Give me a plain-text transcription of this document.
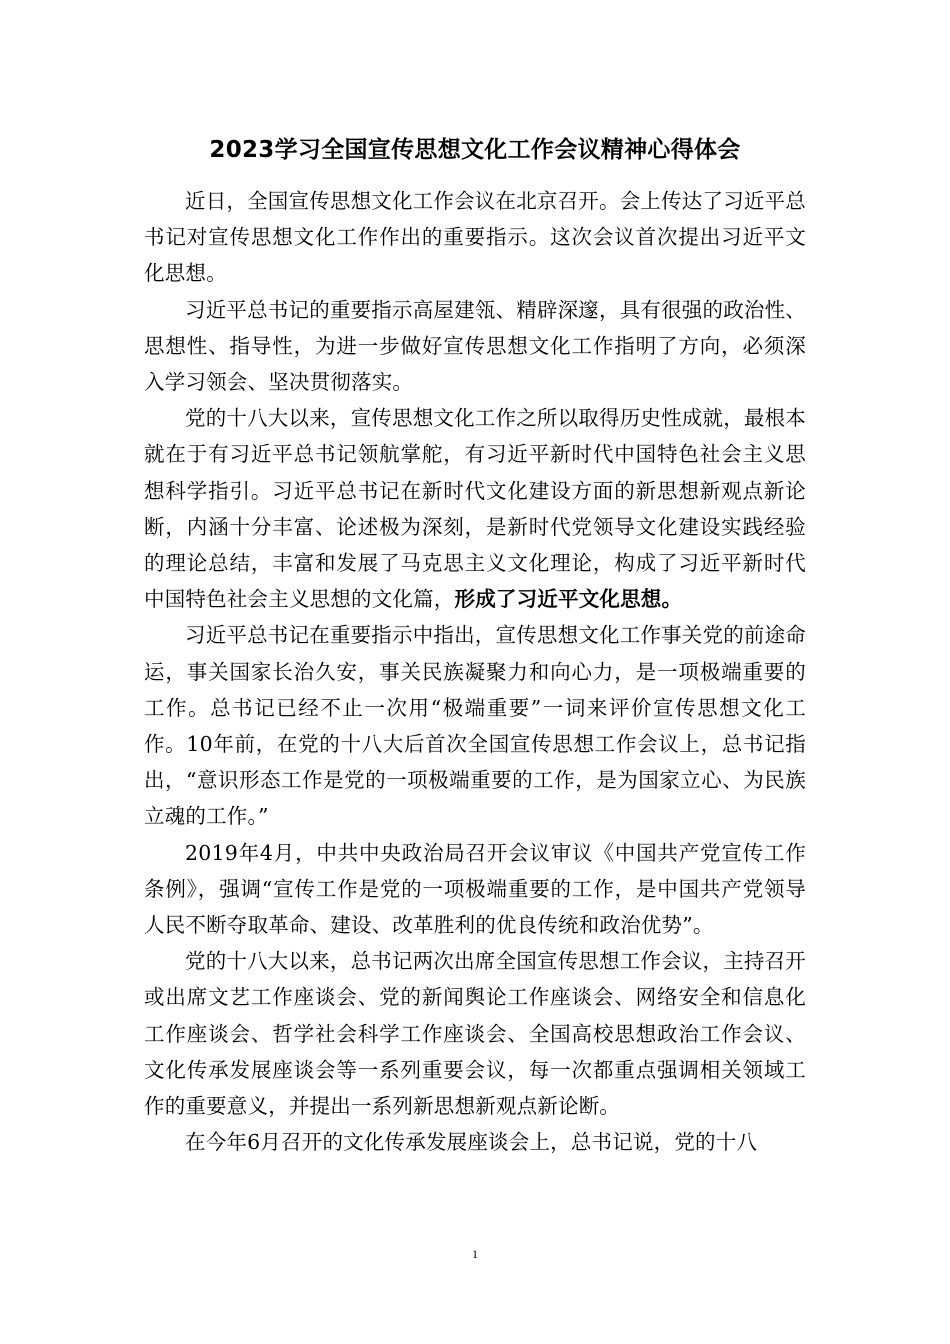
2023学习全国宣传思想文化工作会议精神心得体会

近日，全国宣传思想文化工作会议在北京召开。会上传达了习近平总书记对宣传思想文化工作作出的重要指示。这次会议首次提出习近平文化思想。

习近平总书记的重要指示高屋建瓴、精辟深邃，具有很强的政治性、思想性、指导性，为进一步做好宣传思想文化工作指明了方向，必须深入学习领会、坚决贯彻落实。

党的十八大以来，宣传思想文化工作之所以取得历史性成就，最根本就在于有习近平总书记领航掌舵，有习近平新时代中国特色社会主义思想科学指引。习近平总书记在新时代文化建设方面的新思想新观点新论断，内涵十分丰富、论述极为深刻，是新时代党领导文化建设实践经验的理论总结，丰富和发展了马克思主义文化理论，构成了习近平新时代中国特色社会主义思想的文化篇，形成了习近平文化思想。

习近平总书记在重要指示中指出，宣传思想文化工作事关党的前途命运，事关国家长治久安，事关民族凝聚力和向心力，是一项极端重要的工作。总书记已经不止一次用“极端重要”一词来评价宣传思想文化工作。10年前，在党的十八大后首次全国宣传思想工作会议上，总书记指出，“意识形态工作是党的一项极端重要的工作，是为国家立心、为民族立魂的工作。”

2019年4月，中共中央政治局召开会议审议《中国共产党宣传工作条例》，强调“宣传工作是党的一项极端重要的工作，是中国共产党领导人民不断夺取革命、建设、改革胜利的优良传统和政治优势”。

党的十八大以来，总书记两次出席全国宣传思想工作会议，主持召开或出席文艺工作座谈会、党的新闻舆论工作座谈会、网络安全和信息化工作座谈会、哲学社会科学工作座谈会、全国高校思想政治工作会议、文化传承发展座谈会等一系列重要会议，每一次都重点强调相关领域工作的重要意义，并提出一系列新思想新观点新论断。

在今年6月召开的文化传承发展座谈会上，总书记说，党的十八

1
